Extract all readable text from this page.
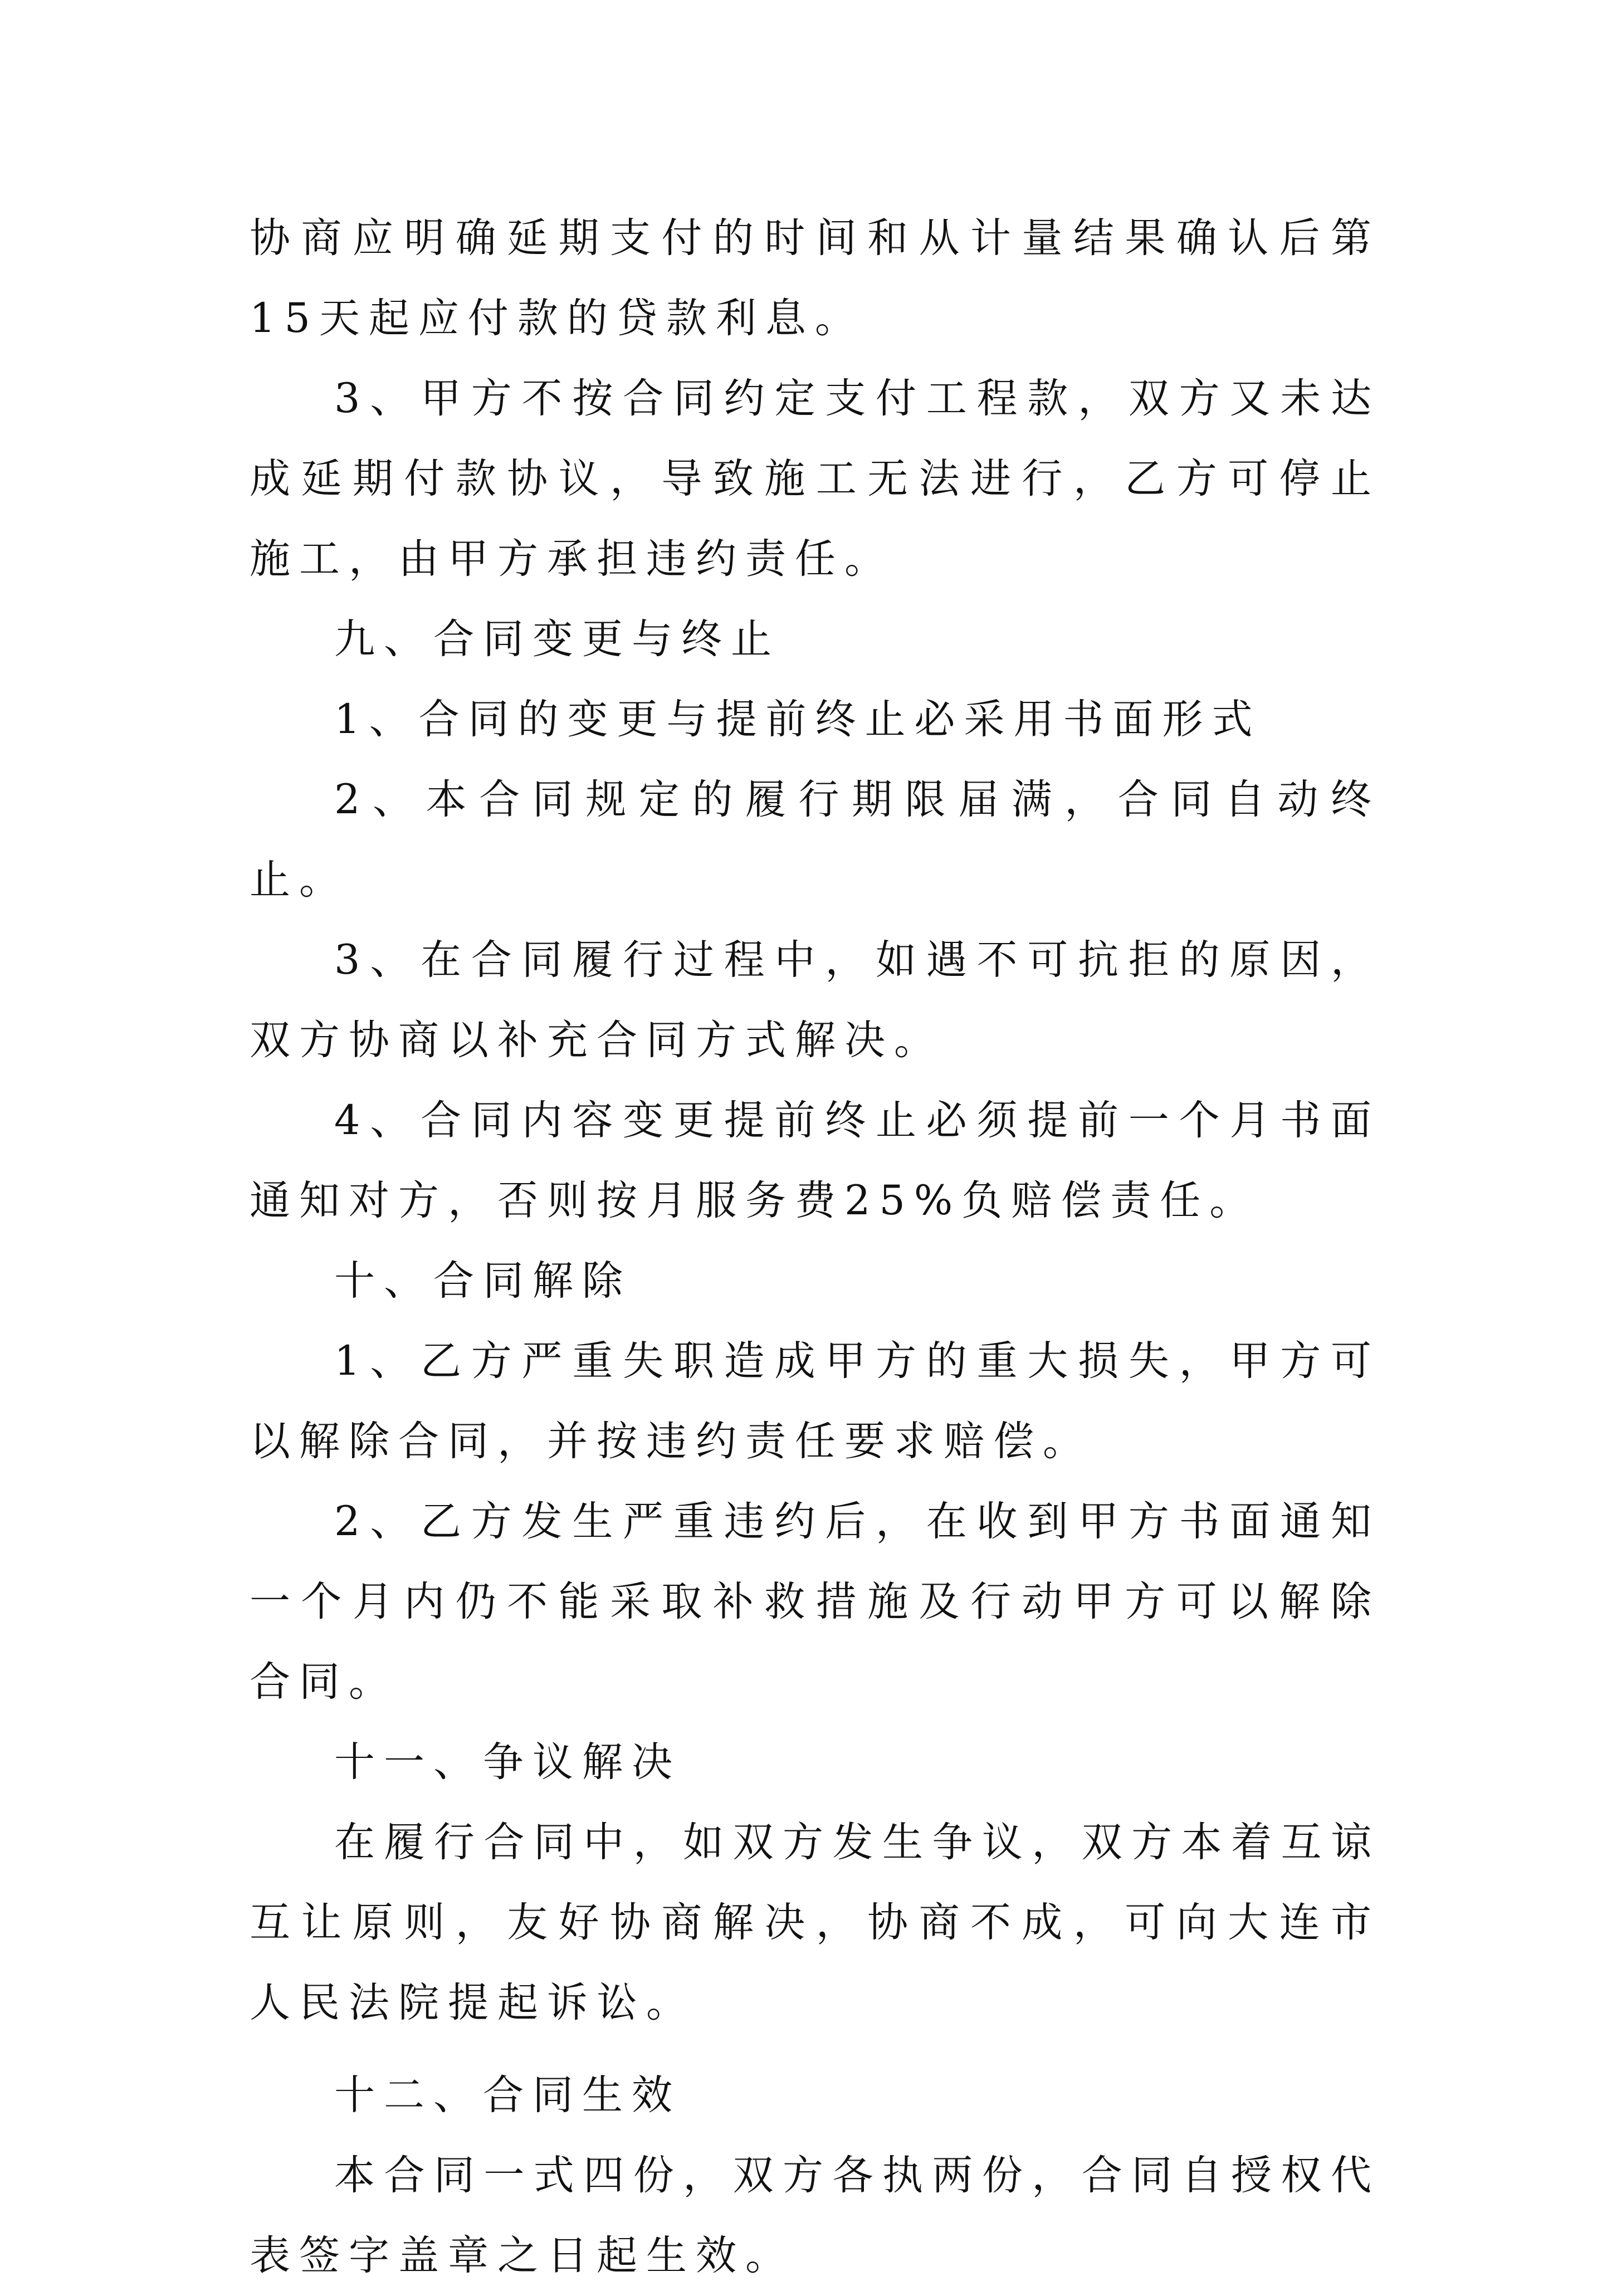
协商应明确延期支付的时间和从计量结果确认后第15天起应付款的贷款利息。

3、甲方不按合同约定支付工程款，双方又未达成延期付款协议，导致施工无法进行，乙方可停止施工，由甲方承担违约责任。

九、合同变更与终止

1、合同的变更与提前终止必采用书面形式

2、本合同规定的履行期限届满，合同自动终止。

3、在合同履行过程中，如遇不可抗拒的原因，双方协商以补充合同方式解决。

4、合同内容变更提前终止必须提前一个月书面通知对方，否则按月服务费25%负赔偿责任。

十、合同解除

1、乙方严重失职造成甲方的重大损失，甲方可以解除合同，并按违约责任要求赔偿。

2、乙方发生严重违约后，在收到甲方书面通知一个月内仍不能采取补救措施及行动甲方可以解除合同。

十一、争议解决

在履行合同中，如双方发生争议，双方本着互谅互让原则，友好协商解决，协商不成，可向大连市人民法院提起诉讼。

十二、合同生效

本合同一式四份，双方各执两份，合同自授权代表签字盖章之日起生效。
